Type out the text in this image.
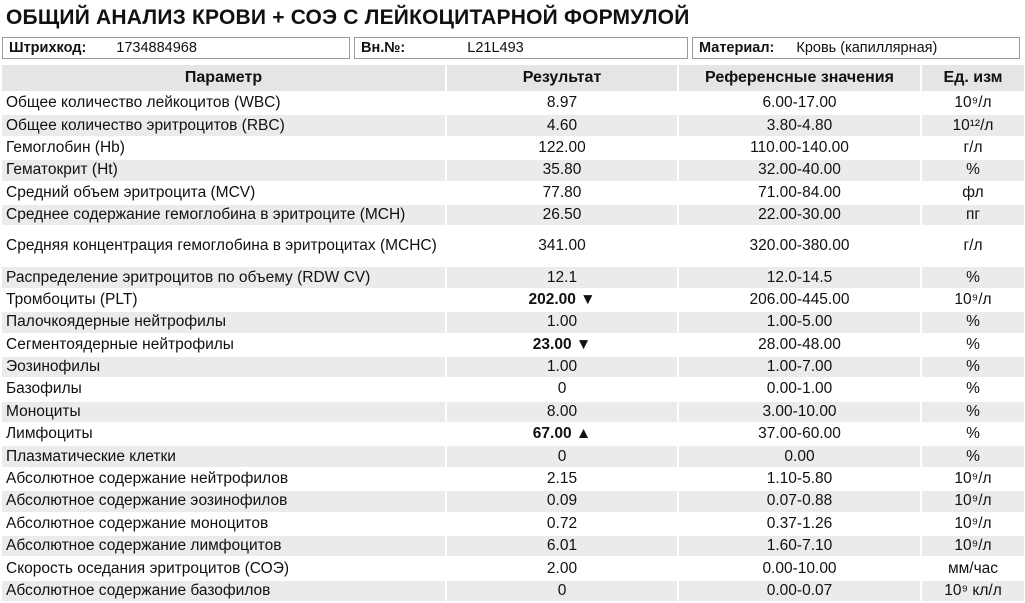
ОБЩИЙ АНАЛИЗ КРОВИ + СОЭ С ЛЕЙКОЦИТАРНОЙ ФОРМУЛОЙ
Штрихкод: 1734884968	Вн.№:	L21L493	Материал: Кровь (капиллярная)
Параметр	Результат	Референсные значения	Ед. изм
Общее количество лейкоцитов (WBC)	8.97	6.00-17.00	10⁹/л
Общее количество эритроцитов (RBC)	4.60	3.80-4.80	10¹²/л
Гемоглобин (Hb)	122.00	110.00-140.00	г/л
Гематокрит (Ht)	35.80	32.00-40.00	%
Средний объем эритроцита (MCV)	77.80	71.00-84.00	фл
Среднее содержание гемоглобина в эритроците (MCH)	26.50	22.00-30.00	пг
Средняя концентрация гемоглобина в эритроцитах (MCHC)	341.00	320.00-380.00	г/л
Распределение эритроцитов по объему (RDW CV)	12.1	12.0-14.5	%
Тромбоциты (PLT)	202.00 ▼	206.00-445.00	10⁹/л
Палочкоядерные нейтрофилы	1.00	1.00-5.00	%
Сегментоядерные нейтрофилы	23.00 ▼	28.00-48.00	%
Эозинофилы	1.00	1.00-7.00	%
Базофилы	0	0.00-1.00	%
Моноциты	8.00	3.00-10.00	%
Лимфоциты	67.00 ▲	37.00-60.00	%
Плазматические клетки	0	0.00	%
Абсолютное содержание нейтрофилов	2.15	1.10-5.80	10⁹/л
Абсолютное содержание эозинофилов	0.09	0.07-0.88	10⁹/л
Абсолютное содержание моноцитов	0.72	0.37-1.26	10⁹/л
Абсолютное содержание лимфоцитов	6.01	1.60-7.10	10⁹/л
Скорость оседания эритроцитов (СОЭ)	2.00	0.00-10.00	мм/час
Абсолютное содержание базофилов	0	0.00-0.07	10⁹ кл/л
